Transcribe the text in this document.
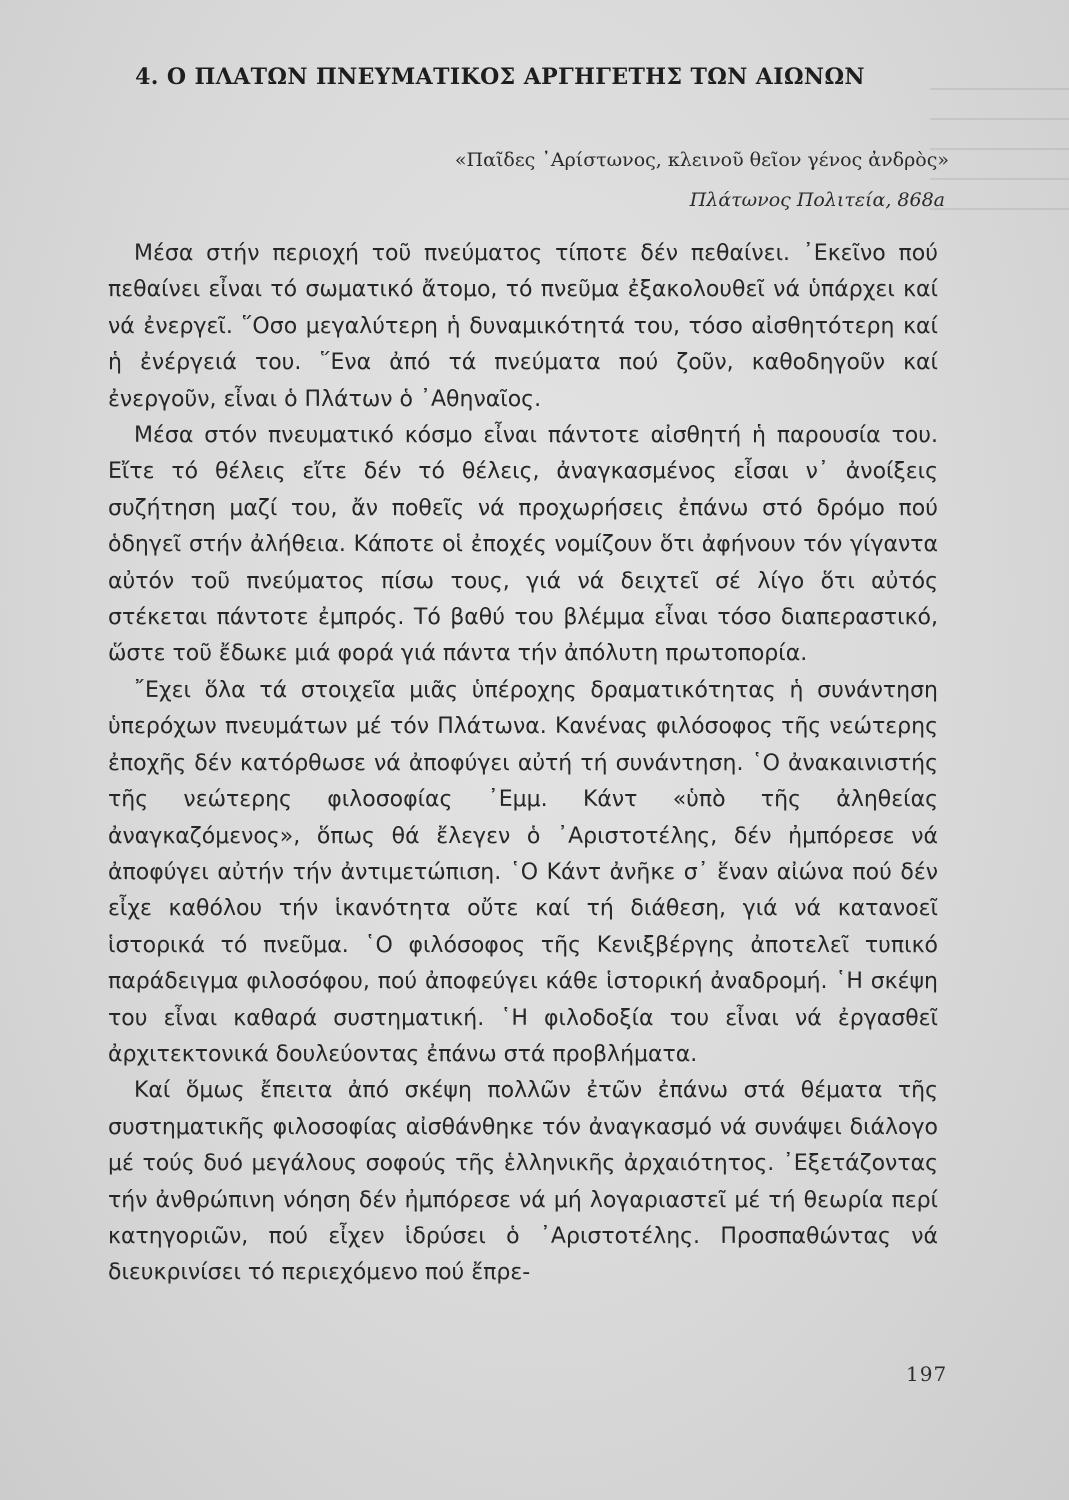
4. Ο ΠΛΑΤΩΝ ΠΝΕΥΜΑΤΙΚΟΣ ΑΡΓΗΓΕΤΗΣ ΤΩΝ ΑΙΩΝΩΝ
«Παῖδες ᾿Αρίστωνος, κλεινοῦ θεῖον γένος ἀνδρὸς»
Πλάτωνος Πολιτεία, 868a

Μέσα στήν περιοχή τοῦ πνεύματος τίποτε δέν πεθαίνει. ᾿Εκεῖνο πού πεθαίνει εἶναι τό σωματικό ἄτομο, τό πνεῦμα ἐξακολουθεῖ νά ὑπάρχει καί νά ἐνεργεῖ. ῞Οσο μεγαλύτερη ἡ δυναμικότητά του, τόσο αἰσθητότερη καί ἡ ἐνέργειά του. ῞Ενα ἀπό τά πνεύματα πού ζοῦν, καθοδηγοῦν καί ἐνεργοῦν, εἶναι ὁ Πλάτων ὁ ᾿Αθηναῖος.

Μέσα στόν πνευματικό κόσμο εἶναι πάντοτε αἰσθητή ἡ παρουσία του. Εἴτε τό θέλεις εἴτε δέν τό θέλεις, ἀναγκασμένος εἶσαι ν᾿ ἀνοίξεις συζήτηση μαζί του, ἄν ποθεῖς νά προχωρήσεις ἐπάνω στό δρόμο πού ὁδηγεῖ στήν ἀλήθεια. Κάποτε οἱ ἐποχές νομίζουν ὅτι ἀφήνουν τόν γίγαντα αὐτόν τοῦ πνεύματος πίσω τους, γιά νά δειχτεῖ σέ λίγο ὅτι αὐτός στέκεται πάντοτε ἐμπρός. Τό βαθύ του βλέμμα εἶναι τόσο διαπεραστικό, ὥστε τοῦ ἔδωκε μιά φορά γιά πάντα τήν ἀπόλυτη πρωτοπορία.

῎Εχει ὅλα τά στοιχεῖα μιᾶς ὑπέροχης δραματικότητας ἡ συνάντηση ὑπερόχων πνευμάτων μέ τόν Πλάτωνα. Κανένας φιλόσοφος τῆς νεώτερης ἐποχῆς δέν κατόρθωσε νά ἀποφύγει αὐτή τή συνάντηση. ῾Ο ἀνακαινιστής τῆς νεώτερης φιλοσοφίας ᾿Εμμ. Κάντ «ὑπὸ τῆς ἀληθείας ἀναγκαζόμενος», ὅπως θά ἔλεγεν ὁ ᾿Αριστοτέλης, δέν ἠμπόρεσε νά ἀποφύγει αὐτήν τήν ἀντιμετώπιση. ῾Ο Κάντ ἀνῆκε σ᾿ ἕναν αἰώνα πού δέν εἶχε καθόλου τήν ἱκανότητα οὔτε καί τή διάθεση, γιά νά κατανοεῖ ἱστορικά τό πνεῦμα. ῾Ο φιλόσοφος τῆς Κενιξβέργης ἀποτελεῖ τυπικό παράδειγμα φιλοσόφου, πού ἀποφεύγει κάθε ἱστορική ἀναδρομή. ῾Η σκέψη του εἶναι καθαρά συστηματική. ῾Η φιλοδοξία του εἶναι νά ἐργασθεῖ ἀρχιτεκτονικά δουλεύοντας ἐπάνω στά προβλήματα.

Καί ὅμως ἔπειτα ἀπό σκέψη πολλῶν ἐτῶν ἐπάνω στά θέματα τῆς συστηματικῆς φιλοσοφίας αἰσθάνθηκε τόν ἀναγκασμό νά συνάψει διάλογο μέ τούς δυό μεγάλους σοφούς τῆς ἑλληνικῆς ἀρχαιότητος. ᾿Εξετάζοντας τήν ἀνθρώπινη νόηση δέν ἠμπόρεσε νά μή λογαριαστεῖ μέ τή θεωρία περί κατηγοριῶν, πού εἶχεν ἱδρύσει ὁ ᾿Αριστοτέλης. Προσπαθώντας νά διευκρινίσει τό περιεχόμενο πού ἔπρε-

197
